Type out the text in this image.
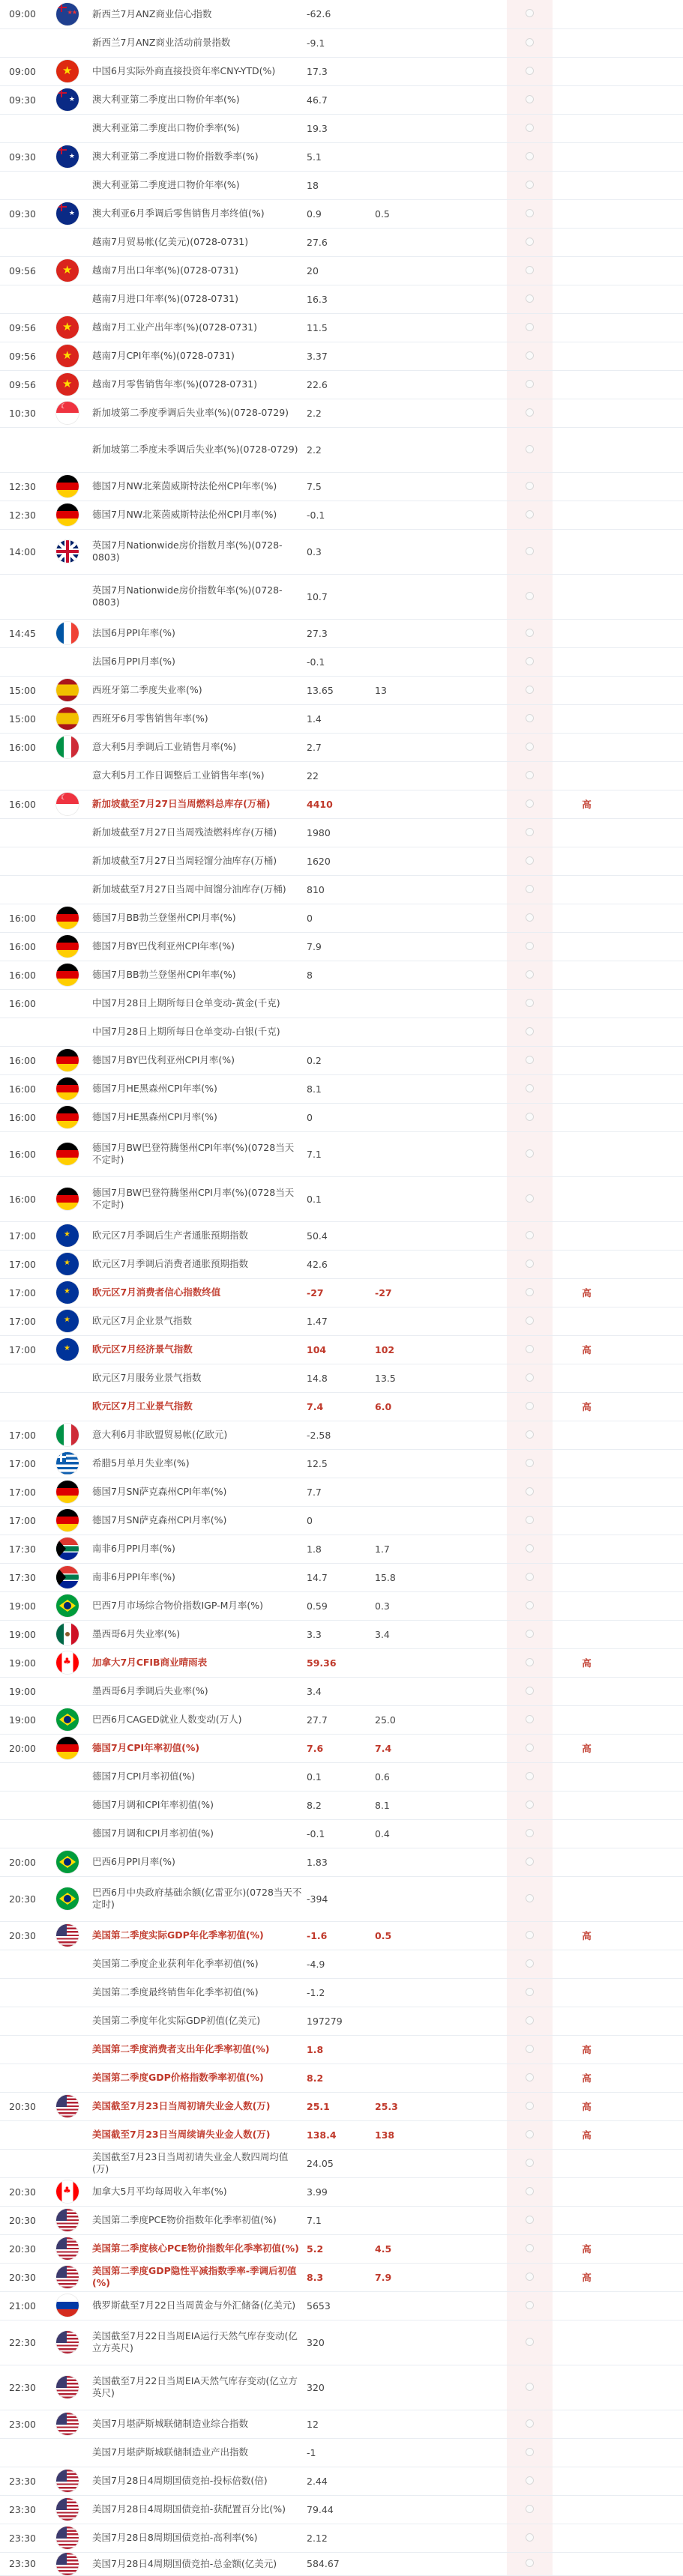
09:00	★★	新西兰7月ANZ商业信心指数	-62.6					
		新西兰7月ANZ商业活动前景指数	-9.1					
09:00	★	中国6月实际外商直接投资年率CNY-YTD(%)	17.3					
09:30	★	澳大利亚第二季度出口物价年率(%)	46.7					
		澳大利亚第二季度出口物价季率(%)	19.3					
09:30	★	澳大利亚第二季度进口物价指数季率(%)	5.1					
		澳大利亚第二季度进口物价年率(%)	18					
09:30	★	澳大利亚6月季调后零售销售月率终值(%)	0.9	0.5				
		越南7月贸易帐(亿美元)(0728-0731)	27.6					
09:56	★	越南7月出口年率(%)(0728-0731)	20					
		越南7月进口年率(%)(0728-0731)	16.3					
09:56	★	越南7月工业产出年率(%)(0728-0731)	11.5					
09:56	★	越南7月CPI年率(%)(0728-0731)	3.37					
09:56	★	越南7月零售销售年率(%)(0728-0731)	22.6					
10:30	☾	新加坡第二季度季调后失业率(%)(0728-0729)	2.2					
		新加坡第二季度未季调后失业率(%)(0728-0729)	2.2					
12:30		德国7月NW北莱茵威斯特法伦州CPI年率(%)	7.5					
12:30		德国7月NW北莱茵威斯特法伦州CPI月率(%)	-0.1					
14:00		英国7月Nationwide房价指数月率(%)(0728-0803)	0.3					
		英国7月Nationwide房价指数年率(%)(0728-0803)	10.7					
14:45		法国6月PPI年率(%)	27.3					
		法国6月PPI月率(%)	-0.1					
15:00		西班牙第二季度失业率(%)	13.65	13				
15:00		西班牙6月零售销售年率(%)	1.4					
16:00		意大利5月季调后工业销售月率(%)	2.7					
		意大利5月工作日调整后工业销售年率(%)	22					
16:00	☾	新加坡截至7月27日当周燃料总库存(万桶)	4410				高	
		新加坡截至7月27日当周残渣燃料库存(万桶)	1980					
		新加坡截至7月27日当周轻馏分油库存(万桶)	1620					
		新加坡截至7月27日当周中间馏分油库存(万桶)	810					
16:00		德国7月BB勃兰登堡州CPI月率(%)	0					
16:00		德国7月BY巴伐利亚州CPI年率(%)	7.9					
16:00		德国7月BB勃兰登堡州CPI年率(%)	8					
16:00		中国7月28日上期所每日仓单变动-黄金(千克)						
		中国7月28日上期所每日仓单变动-白银(千克)						
16:00		德国7月BY巴伐利亚州CPI月率(%)	0.2					
16:00		德国7月HE黑森州CPI年率(%)	8.1					
16:00		德国7月HE黑森州CPI月率(%)	0					
16:00		德国7月BW巴登符腾堡州CPI年率(%)(0728当天不定时)	7.1					
16:00		德国7月BW巴登符腾堡州CPI月率(%)(0728当天不定时)	0.1					
17:00	★	欧元区7月季调后生产者通胀预期指数	50.4					
17:00	★	欧元区7月季调后消费者通胀预期指数	42.6					
17:00	★	欧元区7月消费者信心指数终值	-27	-27			高	
17:00	★	欧元区7月企业景气指数	1.47					
17:00	★	欧元区7月经济景气指数	104	102			高	
		欧元区7月服务业景气指数	14.8	13.5				
		欧元区7月工业景气指数	7.4	6.0			高	
17:00		意大利6月非欧盟贸易帐(亿欧元)	-2.58					
17:00		希腊5月单月失业率(%)	12.5					
17:00		德国7月SN萨克森州CPI年率(%)	7.7					
17:00		德国7月SN萨克森州CPI月率(%)	0					
17:30		南非6月PPI月率(%)	1.8	1.7				
17:30		南非6月PPI年率(%)	14.7	15.8				
19:00		巴西7月市场综合物价指数IGP-M月率(%)	0.59	0.3				
19:00		墨西哥6月失业率(%)	3.3	3.4				
19:00	♣	加拿大7月CFIB商业晴雨表	59.36				高	
19:00		墨西哥6月季调后失业率(%)	3.4					
19:00		巴西6月CAGED就业人数变动(万人)	27.7	25.0				
20:00		德国7月CPI年率初值(%)	7.6	7.4			高	
		德国7月CPI月率初值(%)	0.1	0.6				
		德国7月调和CPI年率初值(%)	8.2	8.1				
		德国7月调和CPI月率初值(%)	-0.1	0.4				
20:00		巴西6月PPI月率(%)	1.83					
20:30		巴西6月中央政府基础余额(亿雷亚尔)(0728当天不定时)	-394					
20:30		美国第二季度实际GDP年化季率初值(%)	-1.6	0.5			高	
		美国第二季度企业获利年化季率初值(%)	-4.9					
		美国第二季度最终销售年化季率初值(%)	-1.2					
		美国第二季度年化实际GDP初值(亿美元)	197279					
		美国第二季度消费者支出年化季率初值(%)	1.8				高	
		美国第二季度GDP价格指数季率初值(%)	8.2				高	
20:30		美国截至7月23日当周初请失业金人数(万)	25.1	25.3			高	
		美国截至7月23日当周续请失业金人数(万)	138.4	138			高	
		美国截至7月23日当周初请失业金人数四周均值(万)	24.05					
20:30	♣	加拿大5月平均每周收入年率(%)	3.99					
20:30		美国第二季度PCE物价指数年化季率初值(%)	7.1					
20:30		美国第二季度核心PCE物价指数年化季率初值(%)	5.2	4.5			高	
20:30		美国第二季度GDP隐性平减指数季率-季调后初值(%)	8.3	7.9			高	
21:00		俄罗斯截至7月22日当周黄金与外汇储备(亿美元)	5653					
22:30		美国截至7月22日当周EIA运行天然气库存变动(亿立方英尺)	320					
22:30		美国截至7月22日当周EIA天然气库存变动(亿立方英尺)	320					
23:00		美国7月堪萨斯城联储制造业综合指数	12					
		美国7月堪萨斯城联储制造业产出指数	-1					
23:30		美国7月28日4周期国债竞拍-投标倍数(倍)	2.44					
23:30		美国7月28日4周期国债竞拍-获配置百分比(%)	79.44					
23:30		美国7月28日8周期国债竞拍-高利率(%)	2.12					
23:30		美国7月28日4周期国债竞拍-总金额(亿美元)	584.67					
